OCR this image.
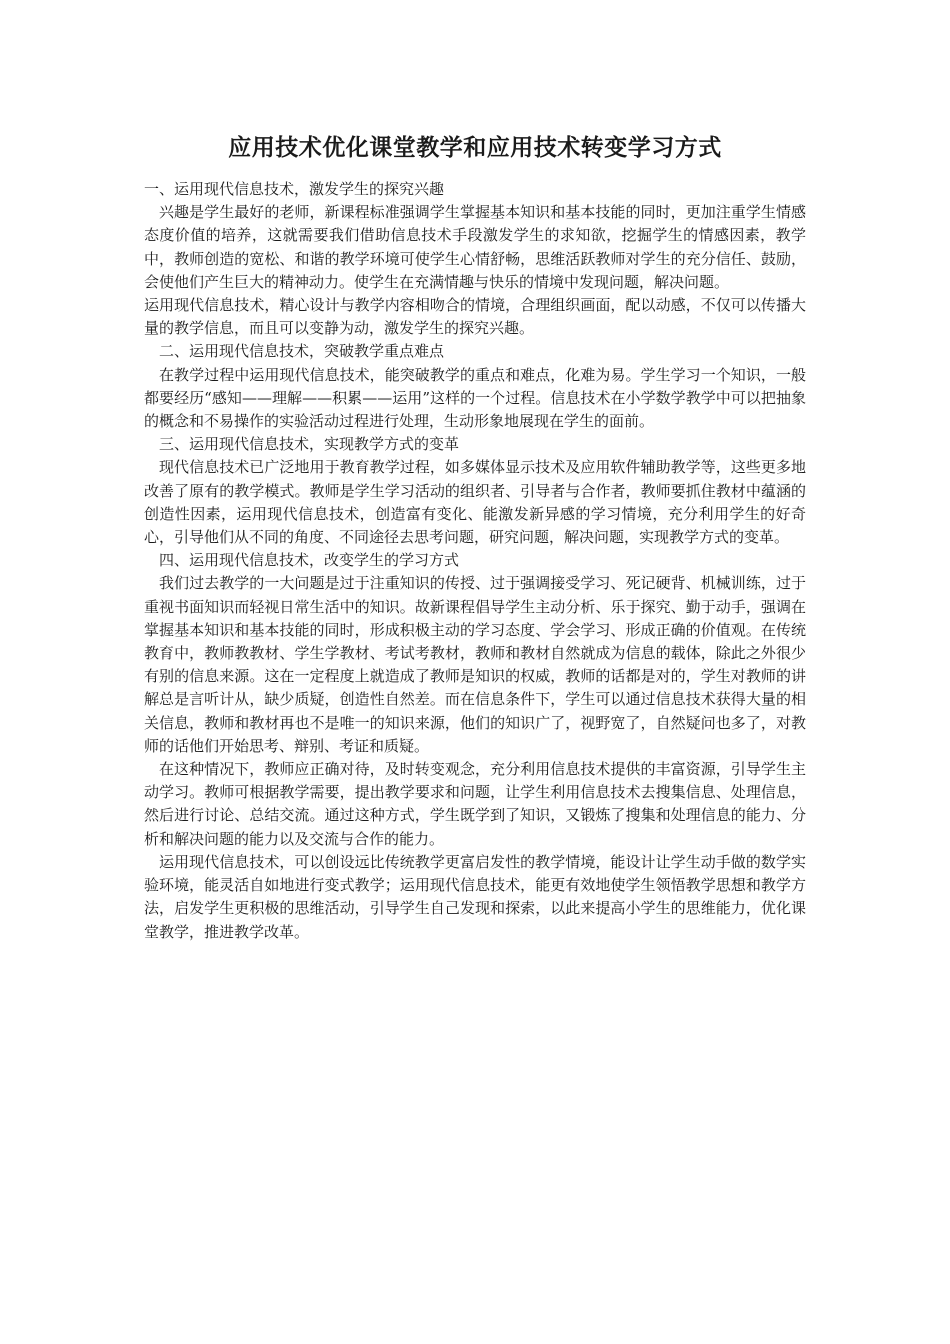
应用技术优化课堂教学和应用技术转变学习方式

一、运用现代信息技术，激发学生的探究兴趣

兴趣是学生最好的老师，新课程标准强调学生掌握基本知识和基本技能的同时，更加注重学生情感态度价值的培养，这就需要我们借助信息技术手段激发学生的求知欲，挖掘学生的情感因素，教学中，教师创造的宽松、和谐的教学环境可使学生心情舒畅，思维活跃教师对学生的充分信任、鼓励，会使他们产生巨大的精神动力。使学生在充满情趣与快乐的情境中发现问题，解决问题。

运用现代信息技术，精心设计与教学内容相吻合的情境，合理组织画面，配以动感，不仅可以传播大量的教学信息，而且可以变静为动，激发学生的探究兴趣。

二、运用现代信息技术，突破教学重点难点

在教学过程中运用现代信息技术，能突破教学的重点和难点，化难为易。学生学习一个知识，一般都要经历“感知——理解——积累——运用”这样的一个过程。信息技术在小学数学教学中可以把抽象的概念和不易操作的实验活动过程进行处理，生动形象地展现在学生的面前。

三、运用现代信息技术，实现教学方式的变革

现代信息技术已广泛地用于教育教学过程，如多媒体显示技术及应用软件辅助教学等，这些更多地改善了原有的教学模式。教师是学生学习活动的组织者、引导者与合作者，教师要抓住教材中蕴涵的创造性因素，运用现代信息技术，创造富有变化、能激发新异感的学习情境，充分利用学生的好奇心，引导他们从不同的角度、不同途径去思考问题，研究问题，解决问题，实现教学方式的变革。

四、运用现代信息技术，改变学生的学习方式

我们过去教学的一大问题是过于注重知识的传授、过于强调接受学习、死记硬背、机械训练，过于重视书面知识而轻视日常生活中的知识。故新课程倡导学生主动分析、乐于探究、勤于动手，强调在掌握基本知识和基本技能的同时，形成积极主动的学习态度、学会学习、形成正确的价值观。在传统教育中，教师教教材、学生学教材、考试考教材，教师和教材自然就成为信息的载体，除此之外很少有别的信息来源。这在一定程度上就造成了教师是知识的权威，教师的话都是对的，学生对教师的讲解总是言听计从，缺少质疑，创造性自然差。而在信息条件下，学生可以通过信息技术获得大量的相关信息，教师和教材再也不是唯一的知识来源，他们的知识广了，视野宽了，自然疑问也多了，对教师的话他们开始思考、辩别、考证和质疑。

在这种情况下，教师应正确对待，及时转变观念，充分利用信息技术提供的丰富资源，引导学生主动学习。教师可根据教学需要，提出教学要求和问题，让学生利用信息技术去搜集信息、处理信息，然后进行讨论、总结交流。通过这种方式，学生既学到了知识，又锻炼了搜集和处理信息的能力、分析和解决问题的能力以及交流与合作的能力。

运用现代信息技术，可以创设远比传统教学更富启发性的教学情境，能设计让学生动手做的数学实验环境，能灵活自如地进行变式教学；运用现代信息技术，能更有效地使学生领悟教学思想和教学方法，启发学生更积极的思维活动，引导学生自己发现和探索，以此来提高小学生的思维能力，优化课堂教学，推进教学改革。
